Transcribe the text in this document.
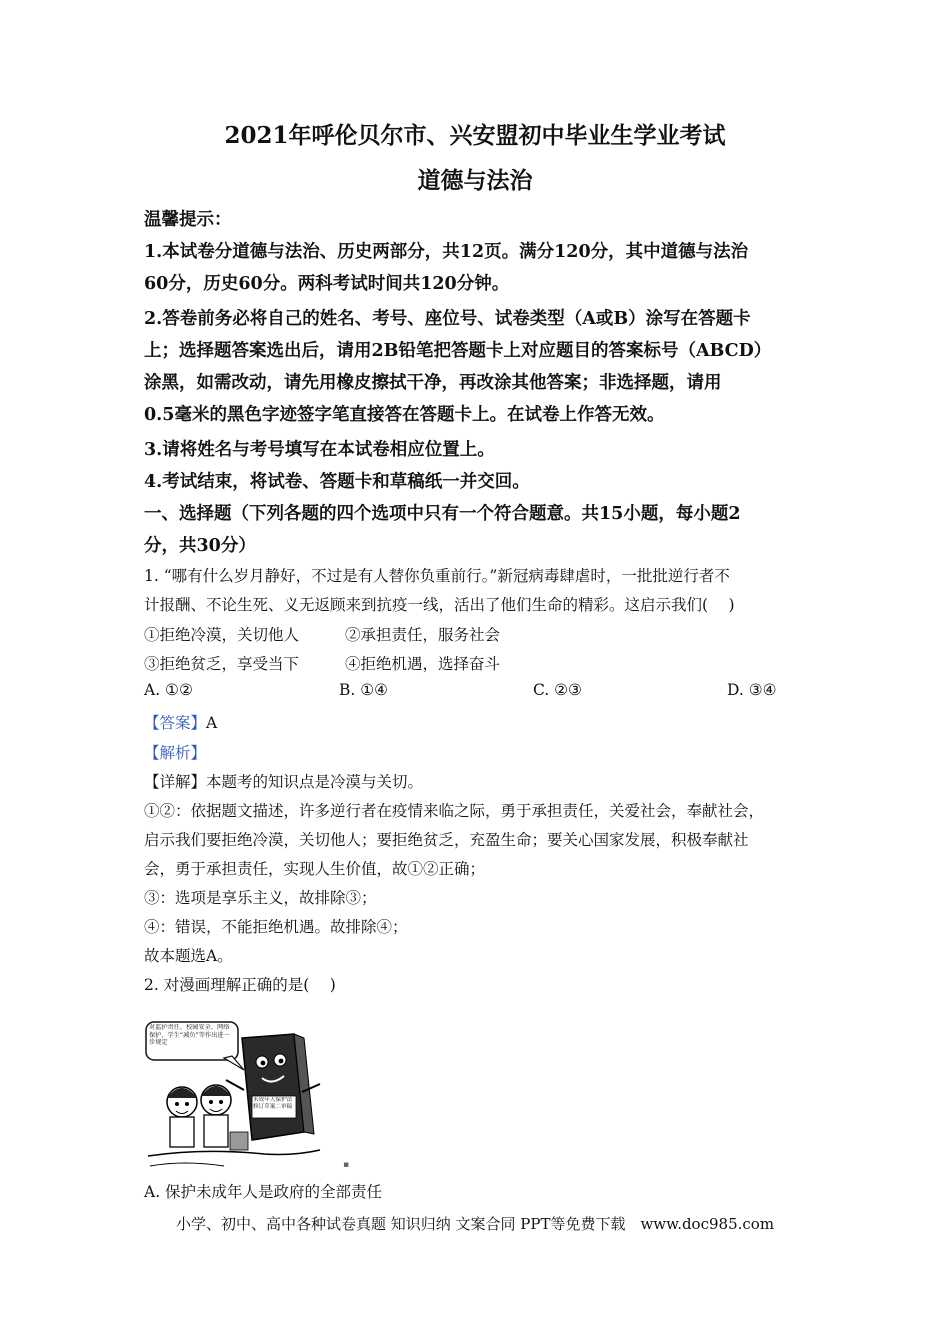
2021年呼伦贝尔市、兴安盟初中毕业生学业考试
道德与法治
温馨提示：
1.本试卷分道德与法治、历史两部分，共12页。满分120分，其中道德与法治
60分，历史60分。两科考试时间共120分钟。
2.答卷前务必将自己的姓名、考号、座位号、试卷类型（A或B）涂写在答题卡
上；选择题答案选出后，请用2B铅笔把答题卡上对应题目的答案标号（ABCD）
涂黑，如需改动，请先用橡皮擦拭干净，再改涂其他答案；非选择题，请用
0.5毫米的黑色字迹签字笔直接答在答题卡上。在试卷上作答无效。
3.请将姓名与考号填写在本试卷相应位置上。
4.考试结束，将试卷、答题卡和草稿纸一并交回。
一、选择题（下列各题的四个选项中只有一个符合题意。共15小题，每小题2
分，共30分）
1. “哪有什么岁月静好，不过是有人替你负重前行。”新冠病毒肆虐时，一批批逆行者不
计报酬、不论生死、义无返顾来到抗疫一线，活出了他们生命的精彩。这启示我们(　 )
①拒绝冷漠，关切他人	②承担责任，服务社会
③拒绝贫乏，享受当下	④拒绝机遇，选择奋斗
A. ①②	B. ①④	C. ②③	D. ③④
【答案】A
【解析】
【详解】本题考的知识点是冷漠与关切。
①②：依据题文描述，许多逆行者在疫情来临之际，勇于承担责任，关爱社会，奉献社会，
启示我们要拒绝冷漠，关切他人；要拒绝贫乏，充盈生命；要关心国家发展，积极奉献社
会，勇于承担责任，实现人生价值，故①②正确；
③：选项是享乐主义，故排除③；
④：错误，不能拒绝机遇。故排除④；
故本题选A。
2. 对漫画理解正确的是(　 )
对监护责任、校园安全、网络保护、学生“减负”等作出进一步规定
未成年人保护法修订草案二审稿
▪
A. 保护未成年人是政府的全部责任
小学、初中、高中各种试卷真题 知识归纳 文案合同 PPT等免费下载　www.doc985.com
